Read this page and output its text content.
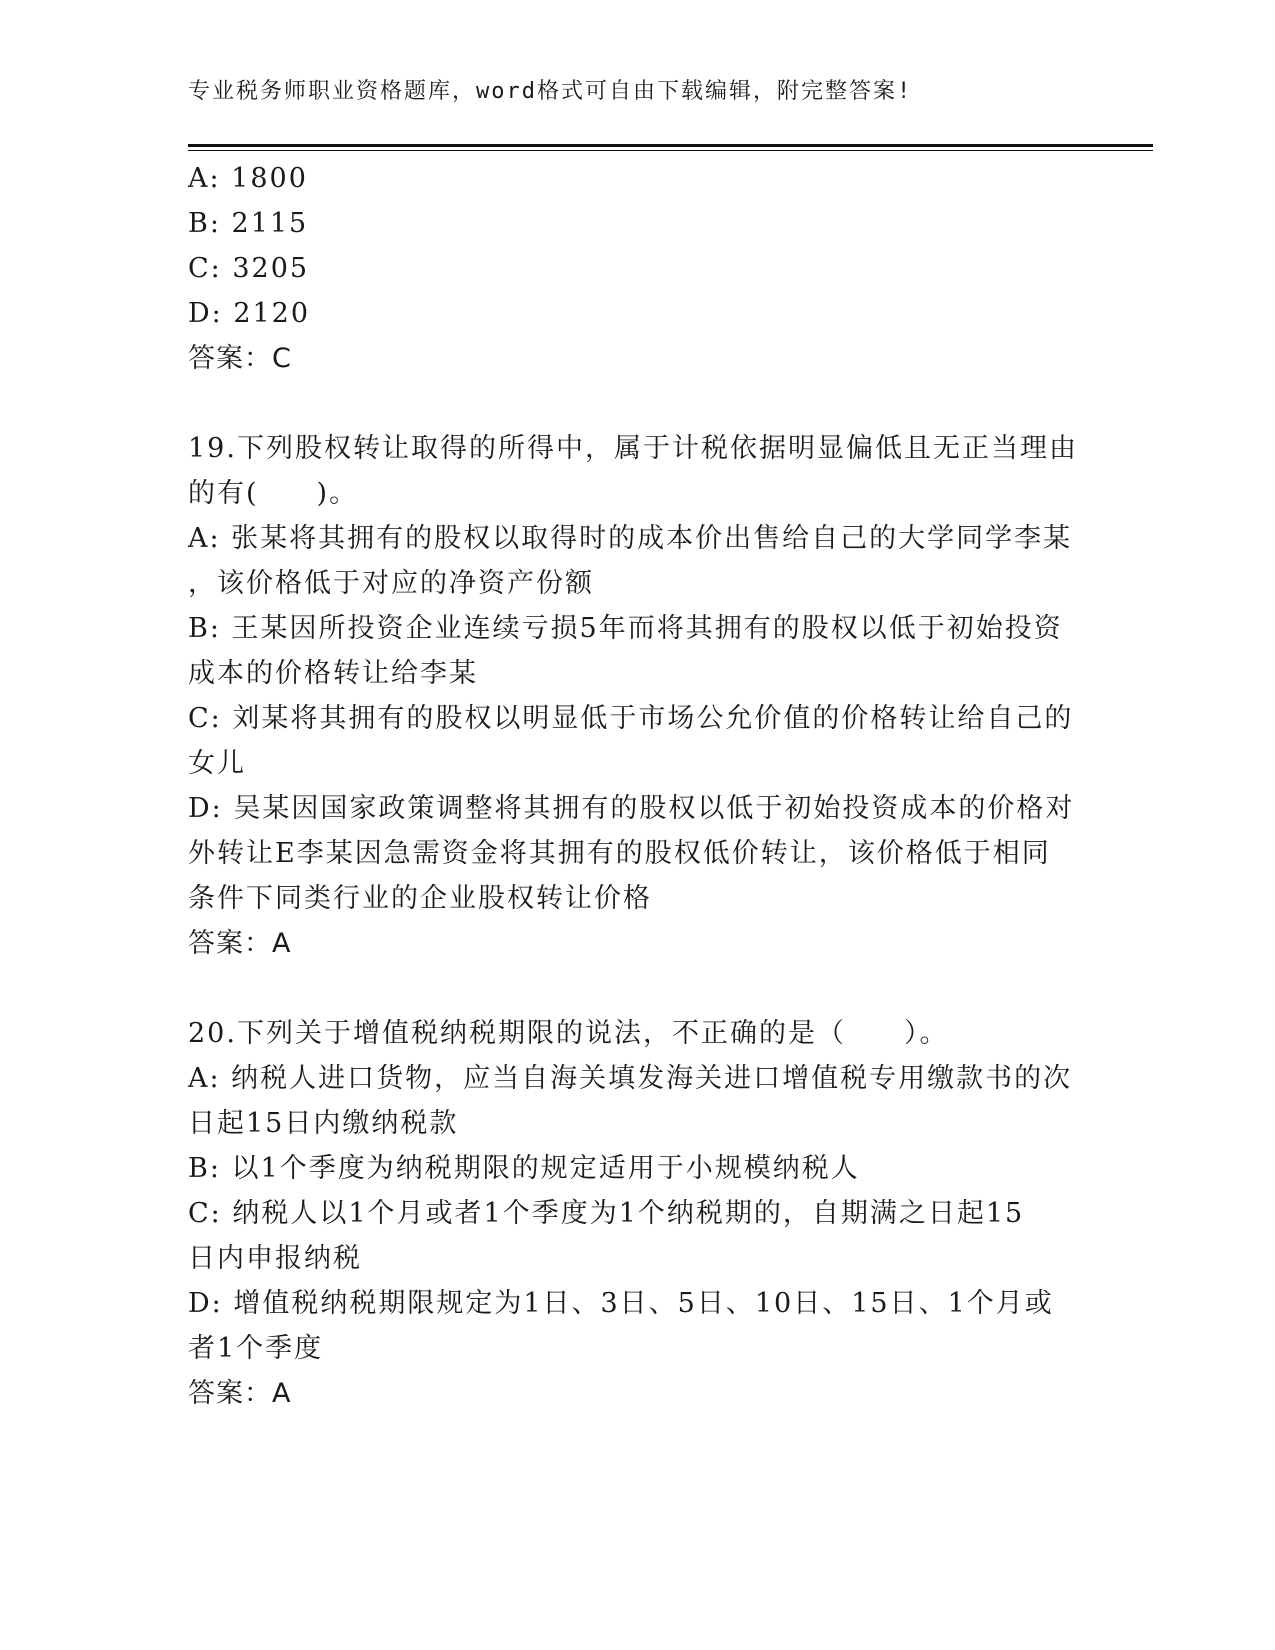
专业税务师职业资格题库，word格式可自由下载编辑，附完整答案!
A: 1800
B: 2115
C: 3205
D: 2120
答案：C
19.下列股权转让取得的所得中，属于计税依据明显偏低且无正当理由
的有(　　)。
A: 张某将其拥有的股权以取得时的成本价出售给自己的大学同学李某
，该价格低于对应的净资产份额
B: 王某因所投资企业连续亏损5年而将其拥有的股权以低于初始投资
成本的价格转让给李某
C: 刘某将其拥有的股权以明显低于市场公允价值的价格转让给自己的
女儿
D: 吴某因国家政策调整将其拥有的股权以低于初始投资成本的价格对
外转让E李某因急需资金将其拥有的股权低价转让，该价格低于相同
条件下同类行业的企业股权转让价格
答案：A
20.下列关于增值税纳税期限的说法，不正确的是（　　）。
A: 纳税人进口货物，应当自海关填发海关进口增值税专用缴款书的次
日起15日内缴纳税款
B: 以1个季度为纳税期限的规定适用于小规模纳税人
C: 纳税人以1个月或者1个季度为1个纳税期的，自期满之日起15
日内申报纳税
D: 增值税纳税期限规定为1日、3日、5日、10日、15日、1个月或
者1个季度
答案：A
